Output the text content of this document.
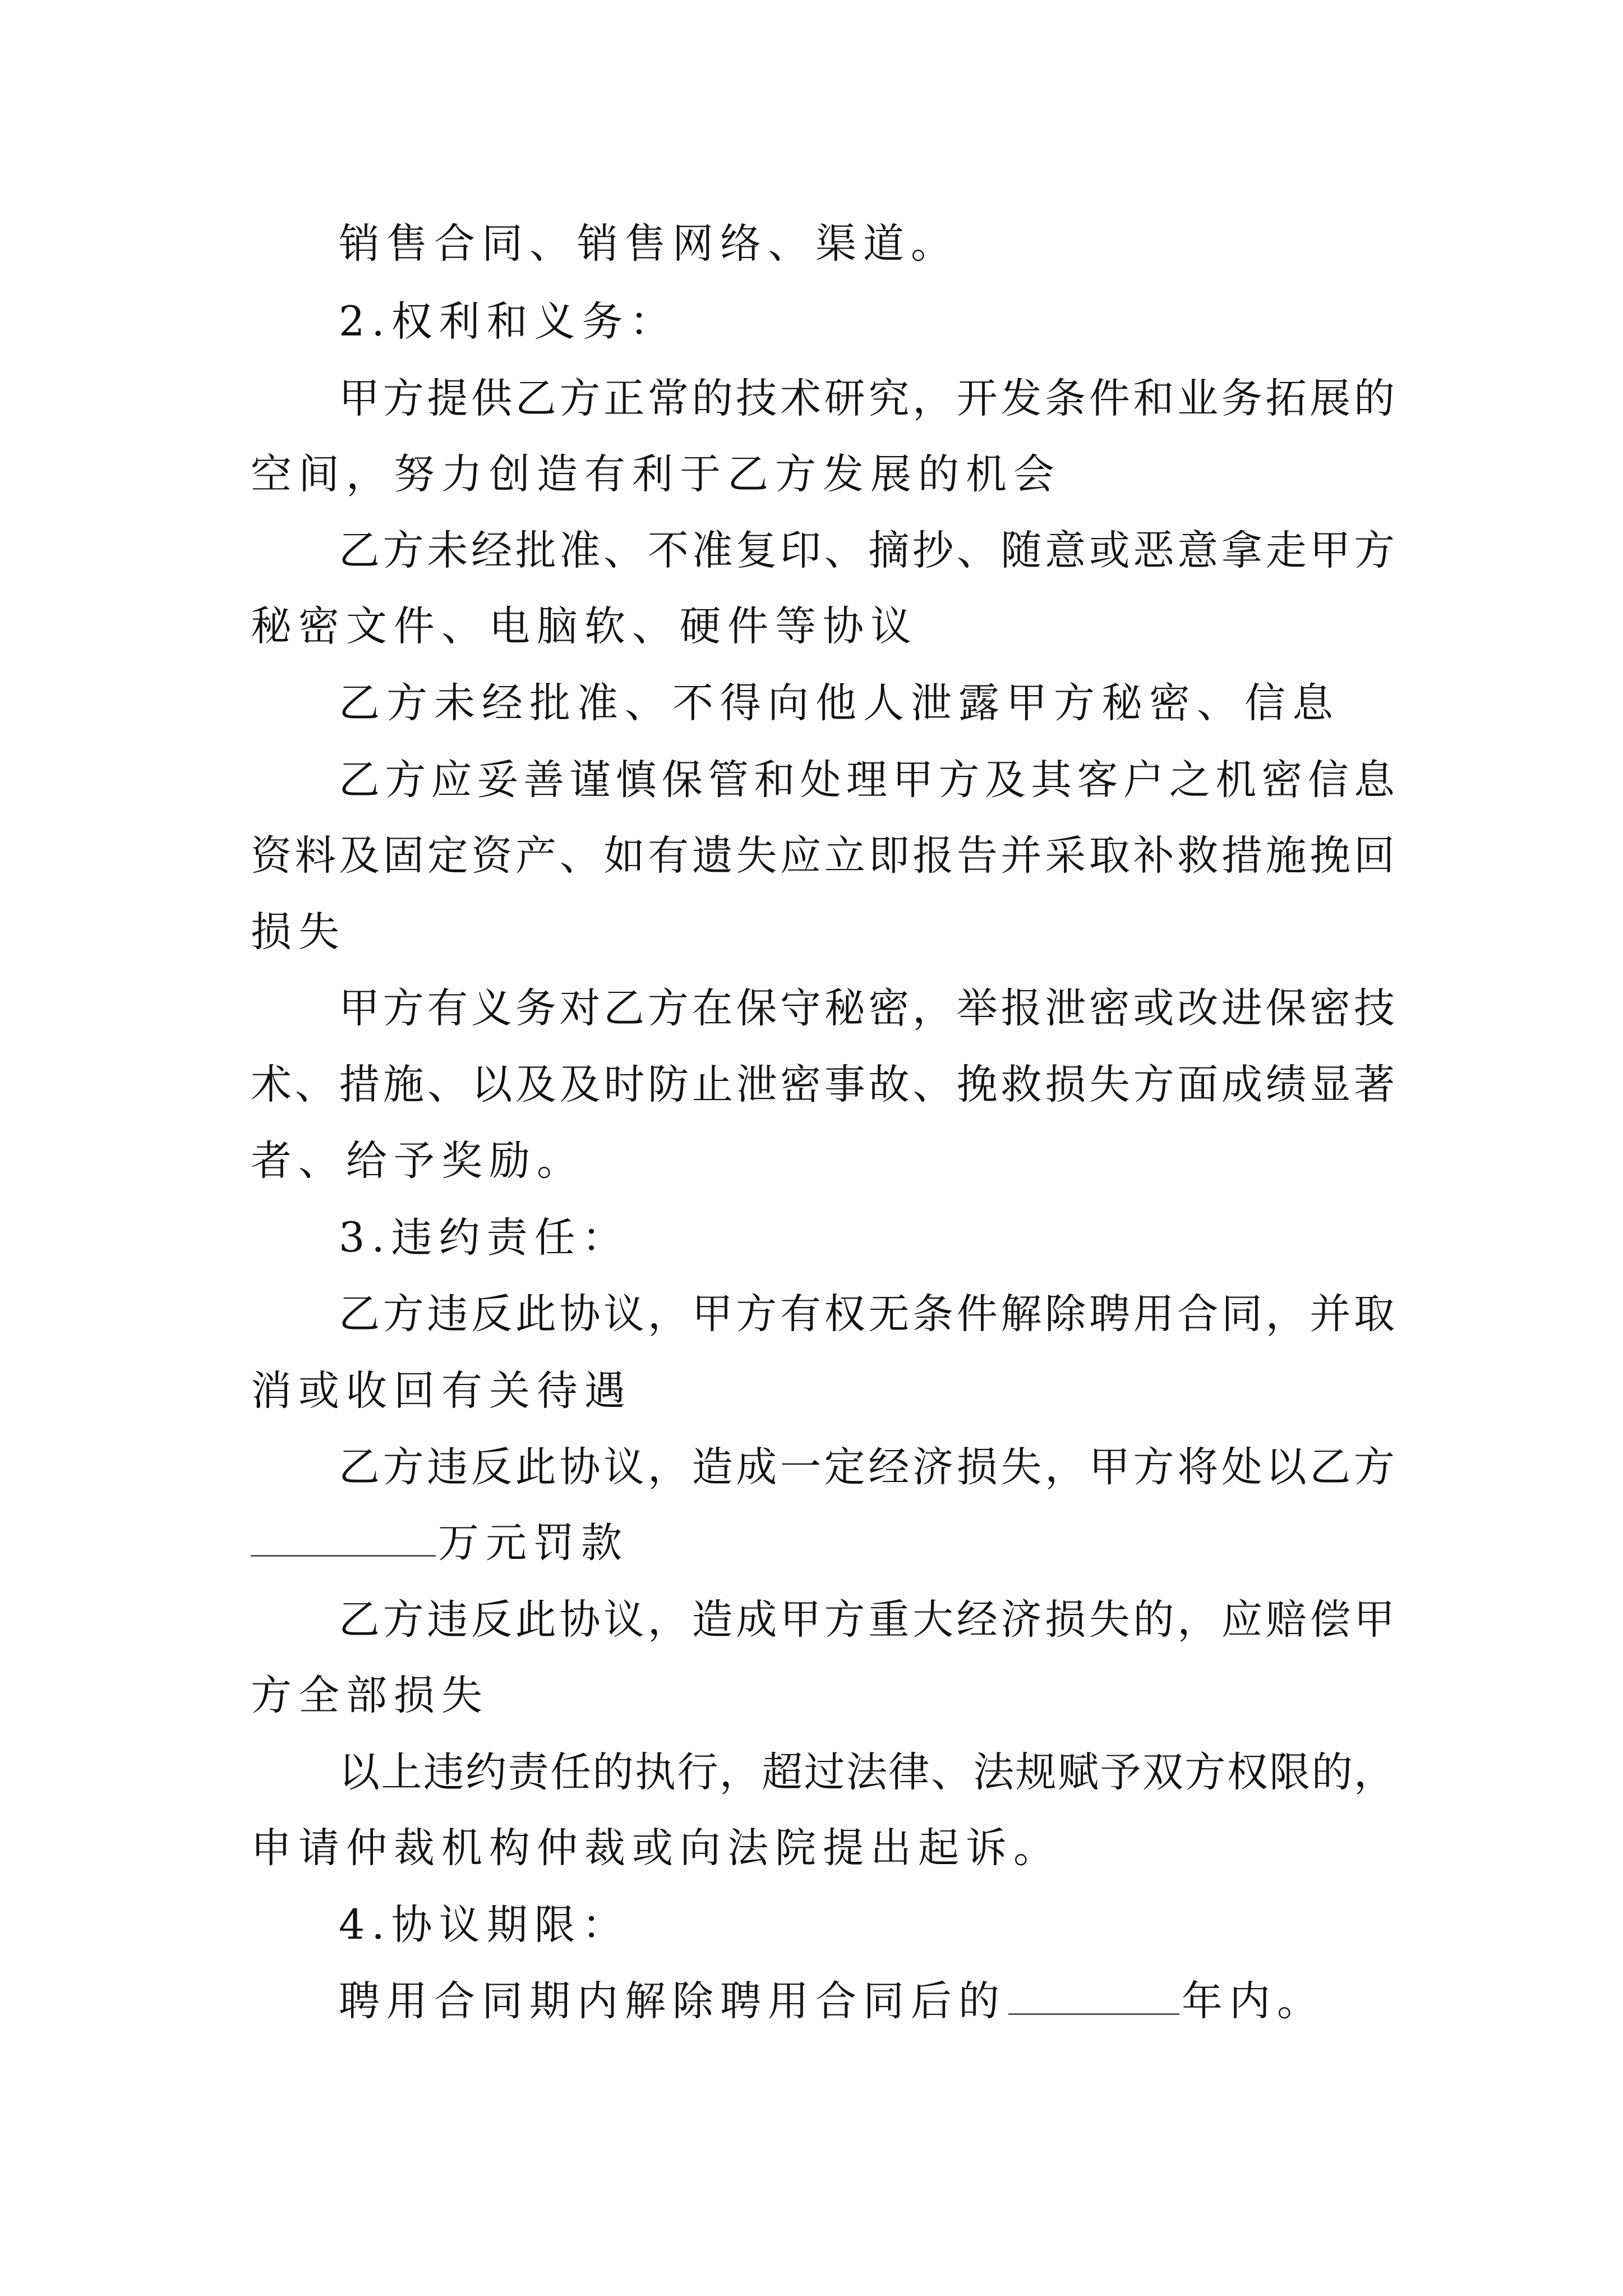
销售合同、销售网络、渠道。
2.权利和义务：
甲方提供乙方正常的技术研究，开发条件和业务拓展的
空间，努力创造有利于乙方发展的机会
乙方未经批准、不准复印、摘抄、随意或恶意拿走甲方
秘密文件、电脑软、硬件等协议
乙方未经批准、不得向他人泄露甲方秘密、信息
乙方应妥善谨慎保管和处理甲方及其客户之机密信息
资料及固定资产、如有遗失应立即报告并采取补救措施挽回
损失
甲方有义务对乙方在保守秘密，举报泄密或改进保密技
术、措施、以及及时防止泄密事故、挽救损失方面成绩显著
者、给予奖励。
3.违约责任：
乙方违反此协议，甲方有权无条件解除聘用合同，并取
消或收回有关待遇
乙方违反此协议，造成一定经济损失，甲方将处以乙方
万元罚款
乙方违反此协议，造成甲方重大经济损失的，应赔偿甲
方全部损失
以上违约责任的执行，超过法律、法规赋予双方权限的，
申请仲裁机构仲裁或向法院提出起诉。
4.协议期限：
聘用合同期内解除聘用合同后的	年内。
